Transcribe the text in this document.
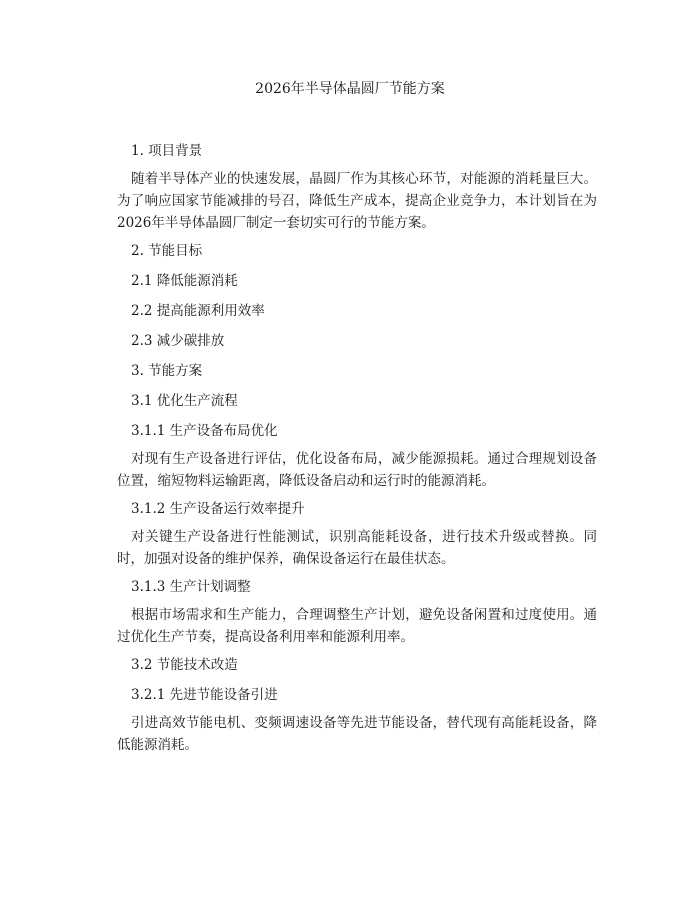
2026年半导体晶圆厂节能方案
1. 项目背景

随着半导体产业的快速发展，晶圆厂作为其核心环节，对能源的消耗量巨大。为了响应国家节能减排的号召，降低生产成本，提高企业竞争力，本计划旨在为2026年半导体晶圆厂制定一套切实可行的节能方案。

2. 节能目标
2.1 降低能源消耗
2.2 提高能源利用效率
2.3 减少碳排放
3. 节能方案
3.1 优化生产流程
3.1.1 生产设备布局优化

对现有生产设备进行评估，优化设备布局，减少能源损耗。通过合理规划设备位置，缩短物料运输距离，降低设备启动和运行时的能源消耗。

3.1.2 生产设备运行效率提升

对关键生产设备进行性能测试，识别高能耗设备，进行技术升级或替换。同时，加强对设备的维护保养，确保设备运行在最佳状态。

3.1.3 生产计划调整

根据市场需求和生产能力，合理调整生产计划，避免设备闲置和过度使用。通过优化生产节奏，提高设备利用率和能源利用率。

3.2 节能技术改造
3.2.1 先进节能设备引进

引进高效节能电机、变频调速设备等先进节能设备，替代现有高能耗设备，降低能源消耗。
